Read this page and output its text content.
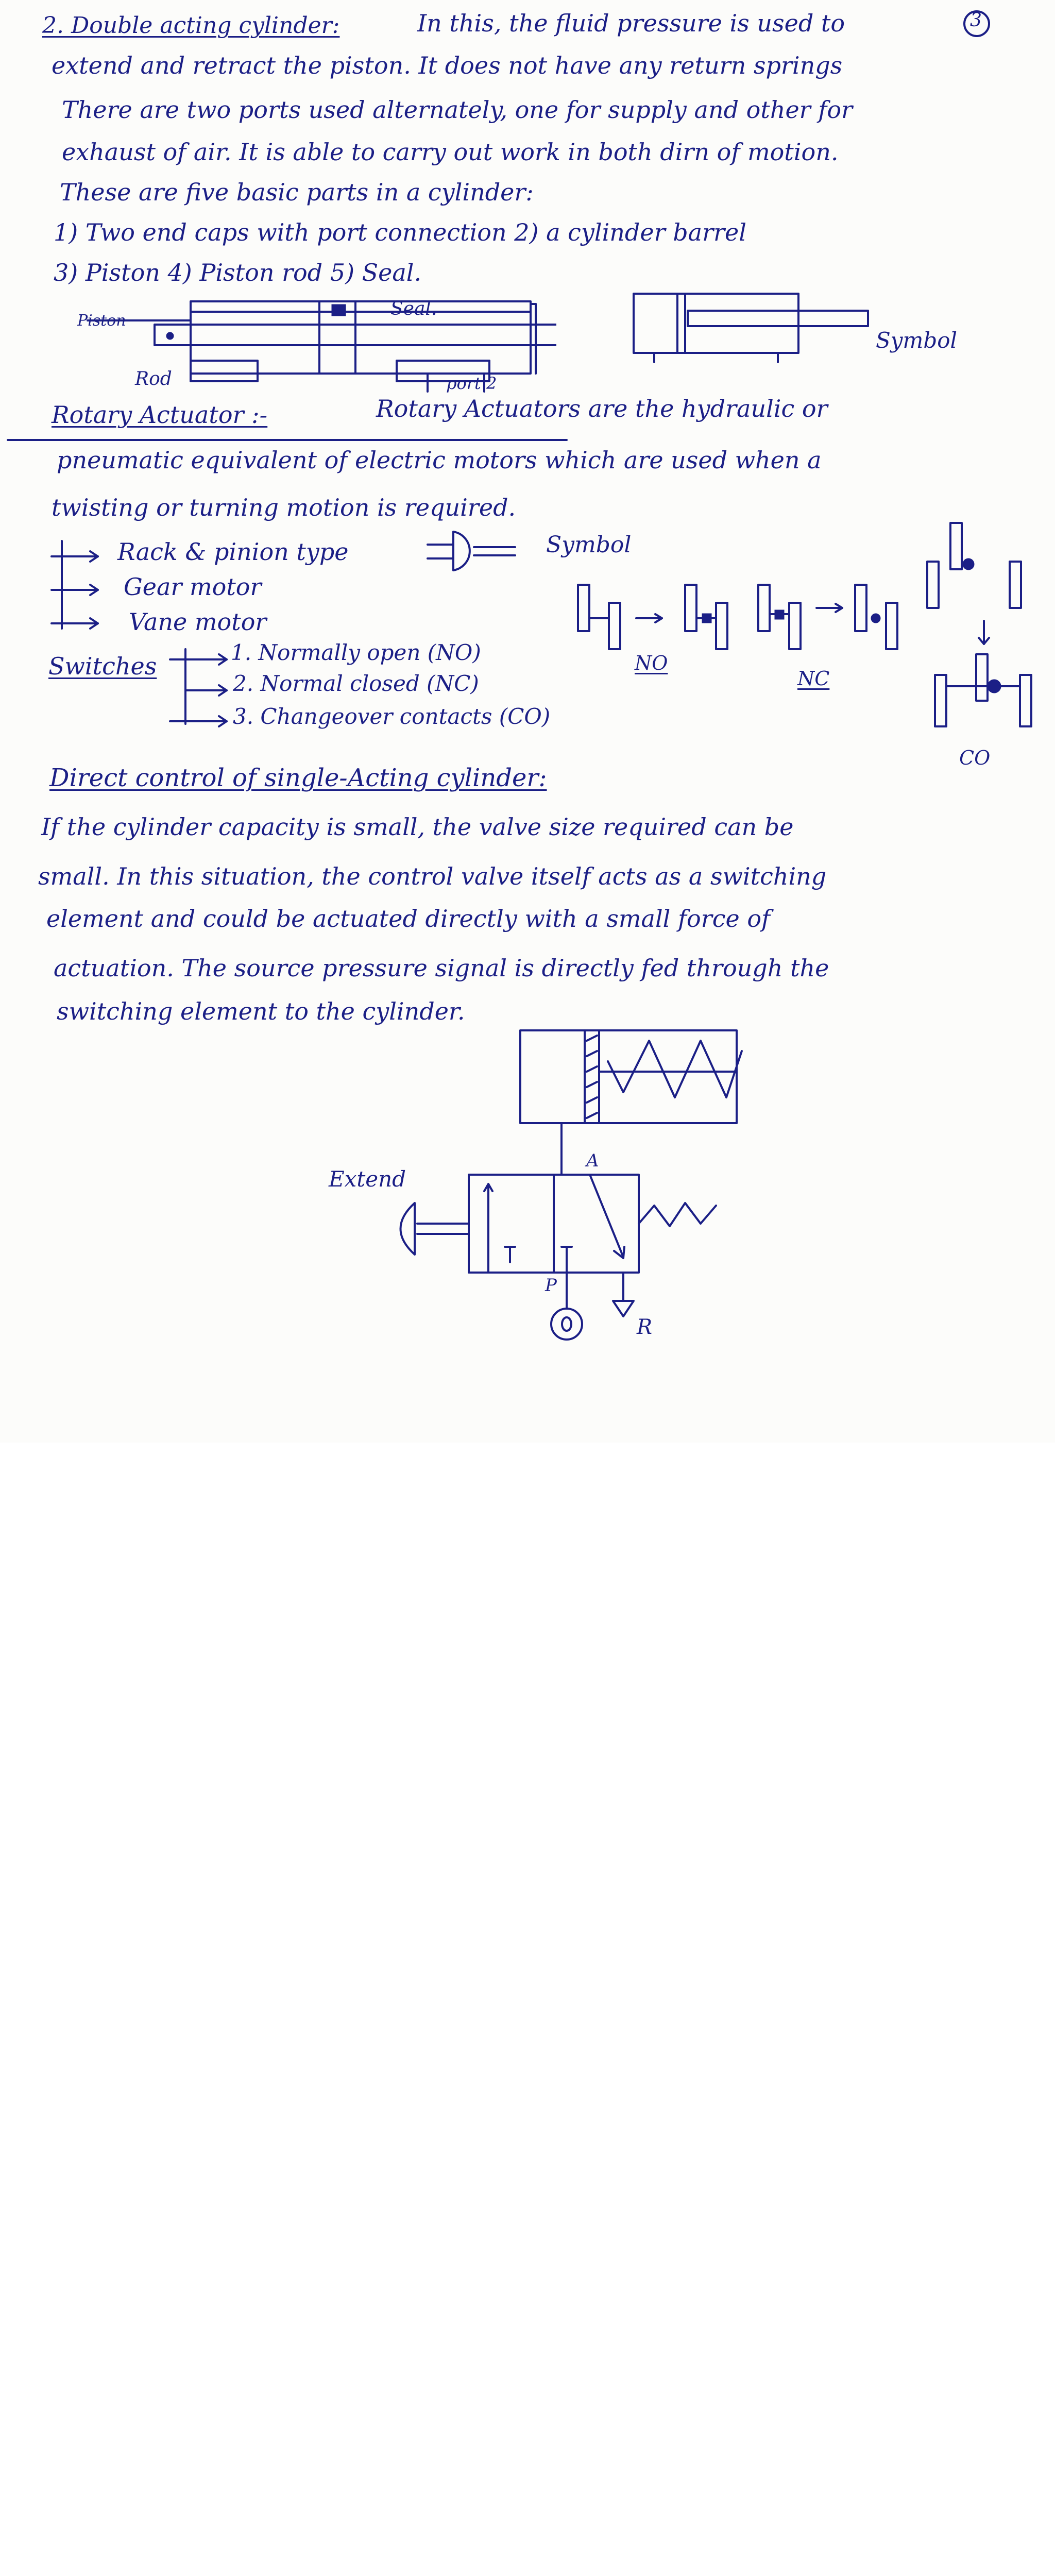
3
2. Double acting cylinder:	In this, the fluid pressure is used to
extend and retract the piston. It does not have any return springs
There are two ports used alternately, one for supply and other for
exhaust of air. It is able to carry out work in both dirn of motion.
These are five basic parts in a cylinder:
1) Two end caps with port connection 2) a cylinder barrel
3) Piston 4) Piston rod 5) Seal.
Piston
Seal.
Rod	port 2
Symbol
Rotary Actuator :-	Rotary Actuators are the hydraulic or
pneumatic equivalent of electric motors which are used when a
twisting or turning motion is required.
Rack & pinion type
Gear motor
Vane motor
Symbol
Switches	1. Normally open (NO)
2. Normal closed (NC)
3. Changeover contacts (CO)
NO
NC
CO
Direct control of single-Acting cylinder:
If the cylinder capacity is small, the valve size required can be
small. In this situation, the control valve itself acts as a switching
element and could be actuated directly with a small force of
actuation. The source pressure signal is directly fed through the
switching element to the cylinder.
Extend
A
P
R
